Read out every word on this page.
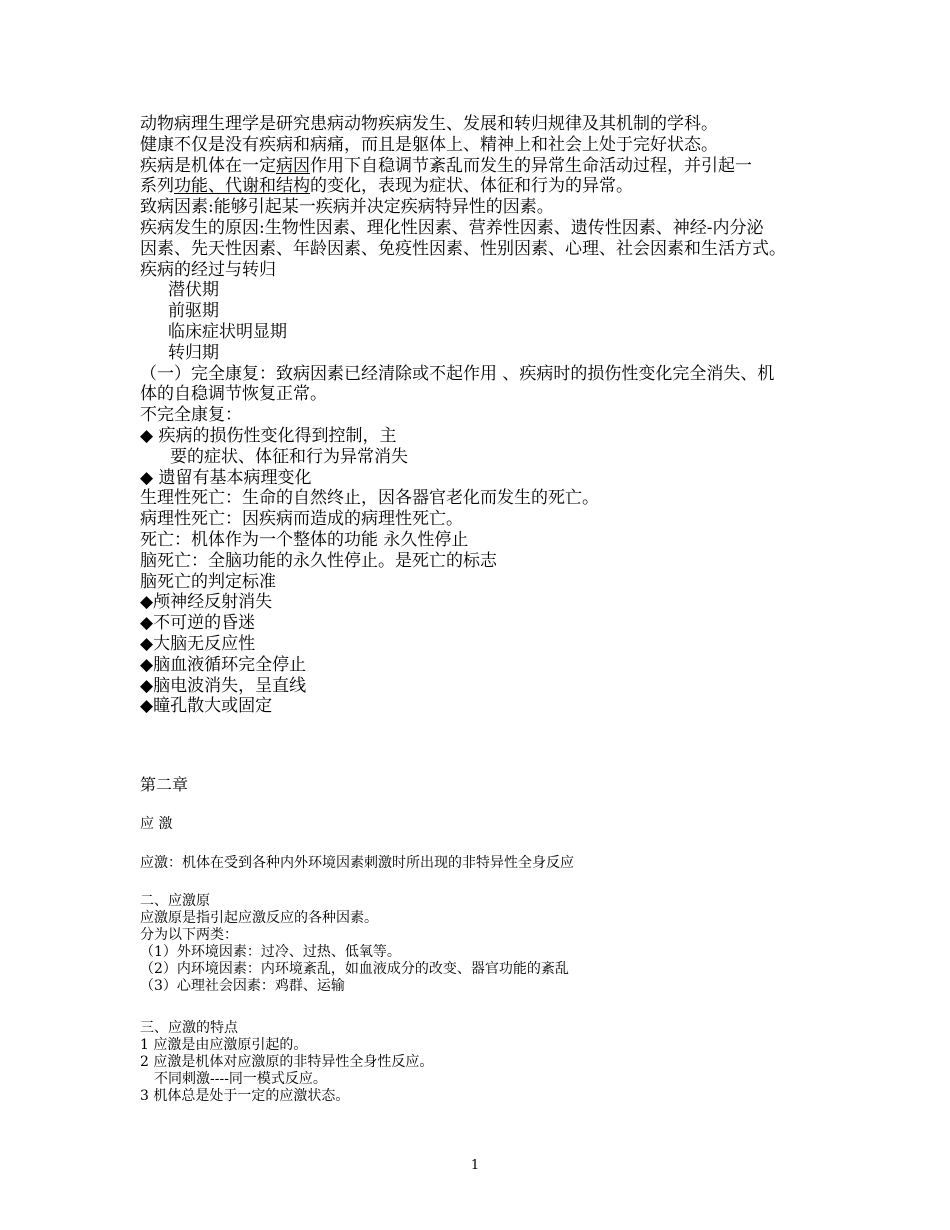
动物病理生理学是研究患病动物疾病发生、发展和转归规律及其机制的学科。

健康不仅是没有疾病和病痛，而且是躯体上、精神上和社会上处于完好状态。

疾病是机体在一定病因作用下自稳调节紊乱而发生的异常生命活动过程，并引起一
系列功能、代谢和结构的变化，表现为症状、体征和行为的异常。

致病因素:能够引起某一疾病并决定疾病特异性的因素。

疾病发生的原因:生物性因素、理化性因素、营养性因素、遗传性因素、神经-内分泌

因素、先天性因素、年龄因素、免疫性因素、性别因素、心理、社会因素和生活方式。

疾病的经过与转归

潜伏期

前驱期

临床症状明显期

转归期

（一）完全康复：致病因素已经清除或不起作用 、疾病时的损伤性变化完全消失、机

体的自稳调节恢复正常。

不完全康复：

◆ 疾病的损伤性变化得到控制，主

要的症状、体征和行为异常消失

◆ 遗留有基本病理变化

生理性死亡：生命的自然终止，因各器官老化而发生的死亡。

病理性死亡：因疾病而造成的病理性死亡。

死亡：机体作为一个整体的功能 永久性停止

脑死亡：全脑功能的永久性停止。是死亡的标志

脑死亡的判定标准

◆颅神经反射消失

◆不可逆的昏迷

◆大脑无反应性

◆脑血液循环完全停止

◆脑电波消失，呈直线

◆瞳孔散大或固定

第二章

应 激

应激：机体在受到各种内外环境因素刺激时所出现的非特异性全身反应

二、应激原

应激原是指引起应激反应的各种因素。

分为以下两类：

（1）外环境因素：过冷、过热、低氧等。

（2）内环境因素：内环境紊乱，如血液成分的改变、器官功能的紊乱

（3）心理社会因素：鸡群、运输

三、应激的特点

1 应激是由应激原引起的。

2 应激是机体对应激原的非特异性全身性反应。

不同刺激----同一模式反应。

3 机体总是处于一定的应激状态。

1
